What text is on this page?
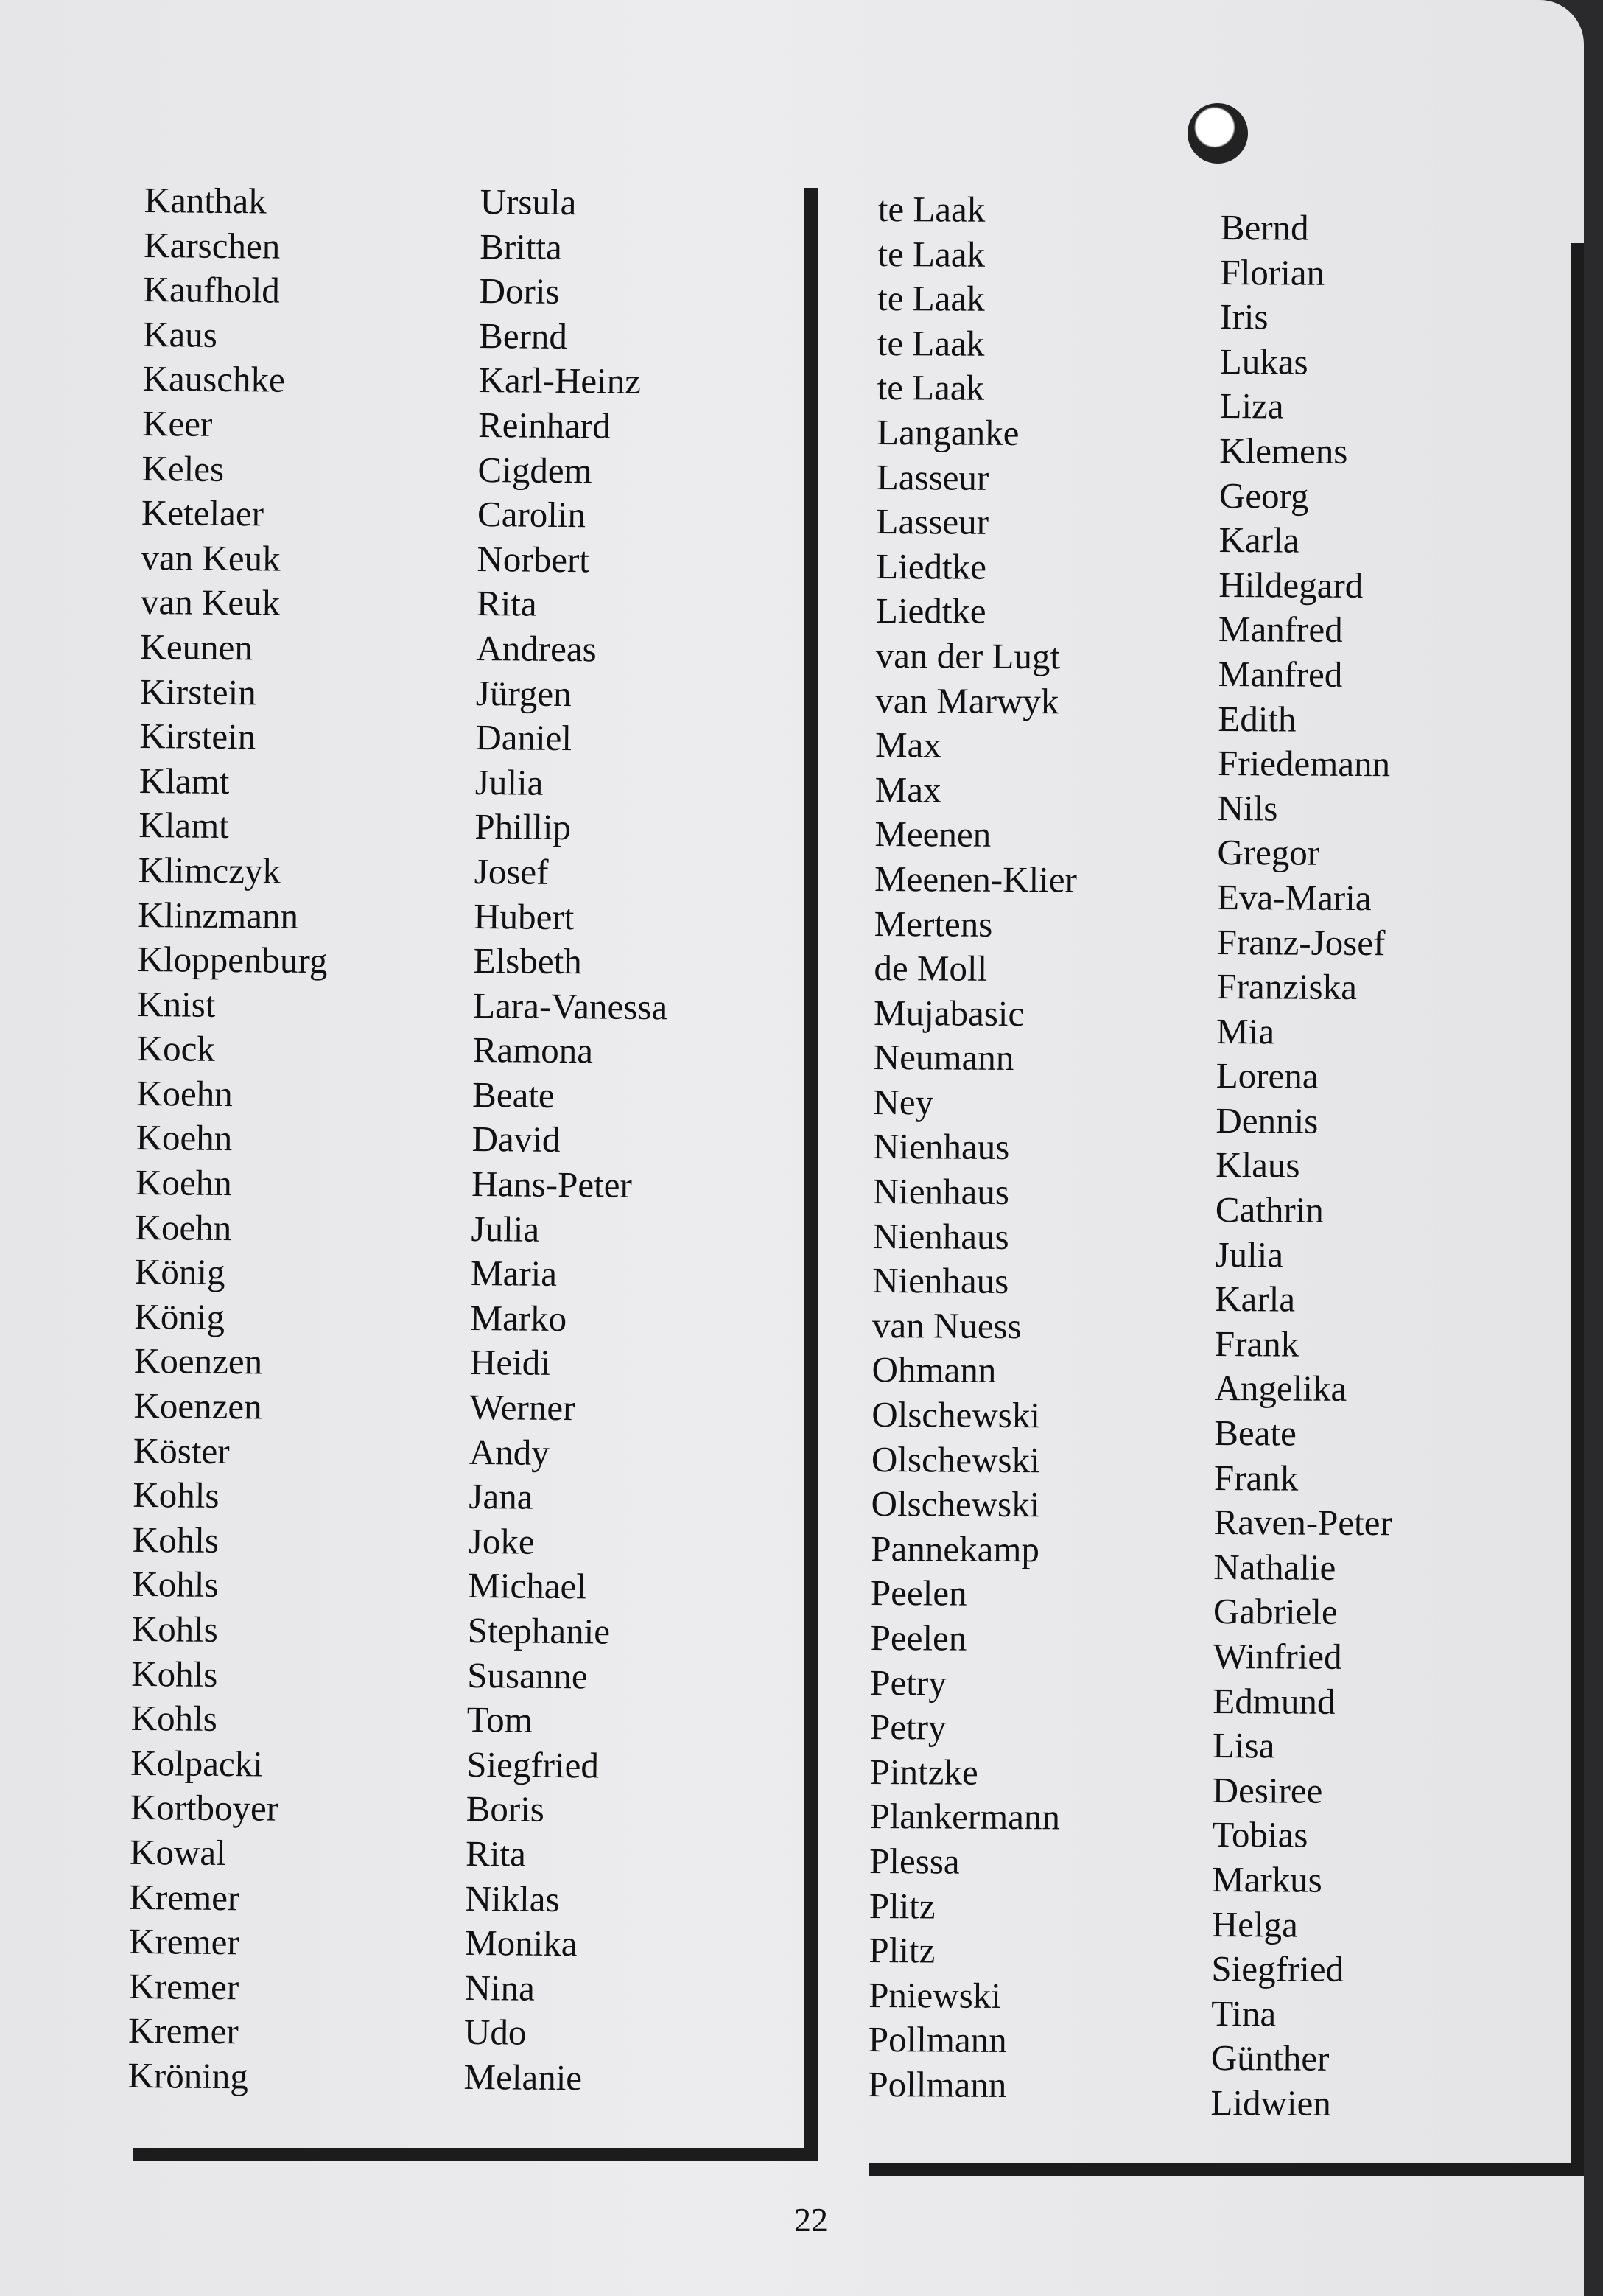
Kanthak
Karschen
Kaufhold
Kaus
Kauschke
Keer
Keles
Ketelaer
van Keuk
van Keuk
Keunen
Kirstein
Kirstein
Klamt
Klamt
Klimczyk
Klinzmann
Kloppenburg
Knist
Kock
Koehn
Koehn
Koehn
Koehn
König
König
Koenzen
Koenzen
Köster
Kohls
Kohls
Kohls
Kohls
Kohls
Kohls
Kolpacki
Kortboyer
Kowal
Kremer
Kremer
Kremer
Kremer
Kröning
Ursula
Britta
Doris
Bernd
Karl-Heinz
Reinhard
Cigdem
Carolin
Norbert
Rita
Andreas
Jürgen
Daniel
Julia
Phillip
Josef
Hubert
Elsbeth
Lara-Vanessa
Ramona
Beate
David
Hans-Peter
Julia
Maria
Marko
Heidi
Werner
Andy
Jana
Joke
Michael
Stephanie
Susanne
Tom
Siegfried
Boris
Rita
Niklas
Monika
Nina
Udo
Melanie
te Laak
te Laak
te Laak
te Laak
te Laak
Langanke
Lasseur
Lasseur
Liedtke
Liedtke
van der Lugt
van Marwyk
Max
Max
Meenen
Meenen-Klier
Mertens
de Moll
Mujabasic
Neumann
Ney
Nienhaus
Nienhaus
Nienhaus
Nienhaus
van Nuess
Ohmann
Olschewski
Olschewski
Olschewski
Pannekamp
Peelen
Peelen
Petry
Petry
Pintzke
Plankermann
Plessa
Plitz
Plitz
Pniewski
Pollmann
Pollmann
Bernd
Florian
Iris
Lukas
Liza
Klemens
Georg
Karla
Hildegard
Manfred
Manfred
Edith
Friedemann
Nils
Gregor
Eva-Maria
Franz-Josef
Franziska
Mia
Lorena
Dennis
Klaus
Cathrin
Julia
Karla
Frank
Angelika
Beate
Frank
Raven-Peter
Nathalie
Gabriele
Winfried
Edmund
Lisa
Desiree
Tobias
Markus
Helga
Siegfried
Tina
Günther
Lidwien
22
